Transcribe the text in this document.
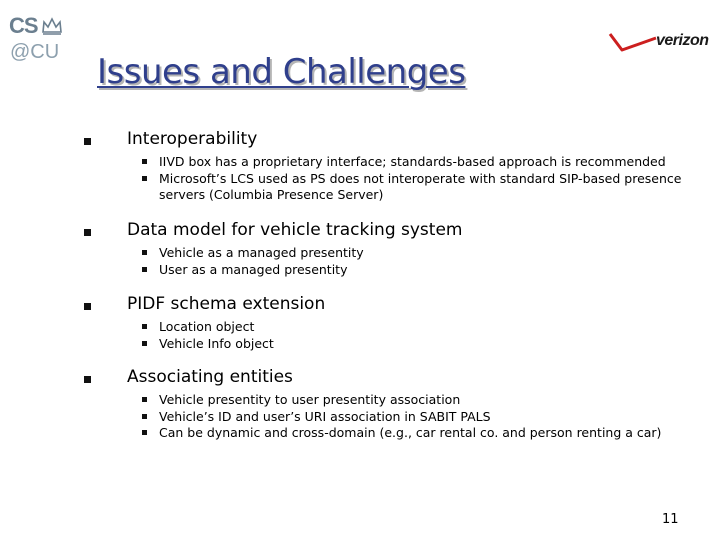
CS
@CU
verizon
Issues and Challenges
Interoperability
IIVD box has a proprietary interface; standards-based approach is recommended
Microsoft’s LCS used as PS does not interoperate with standard SIP-based presence servers (Columbia Presence Server)
Data model for vehicle tracking system
Vehicle as a managed presentity
User as a managed presentity
PIDF schema extension
Location object
Vehicle Info object
Associating entities
Vehicle presentity to user presentity association
Vehicle’s ID and user’s URI association in SABIT PALS
Can be dynamic and cross-domain (e.g., car rental co. and person renting a car)
11
